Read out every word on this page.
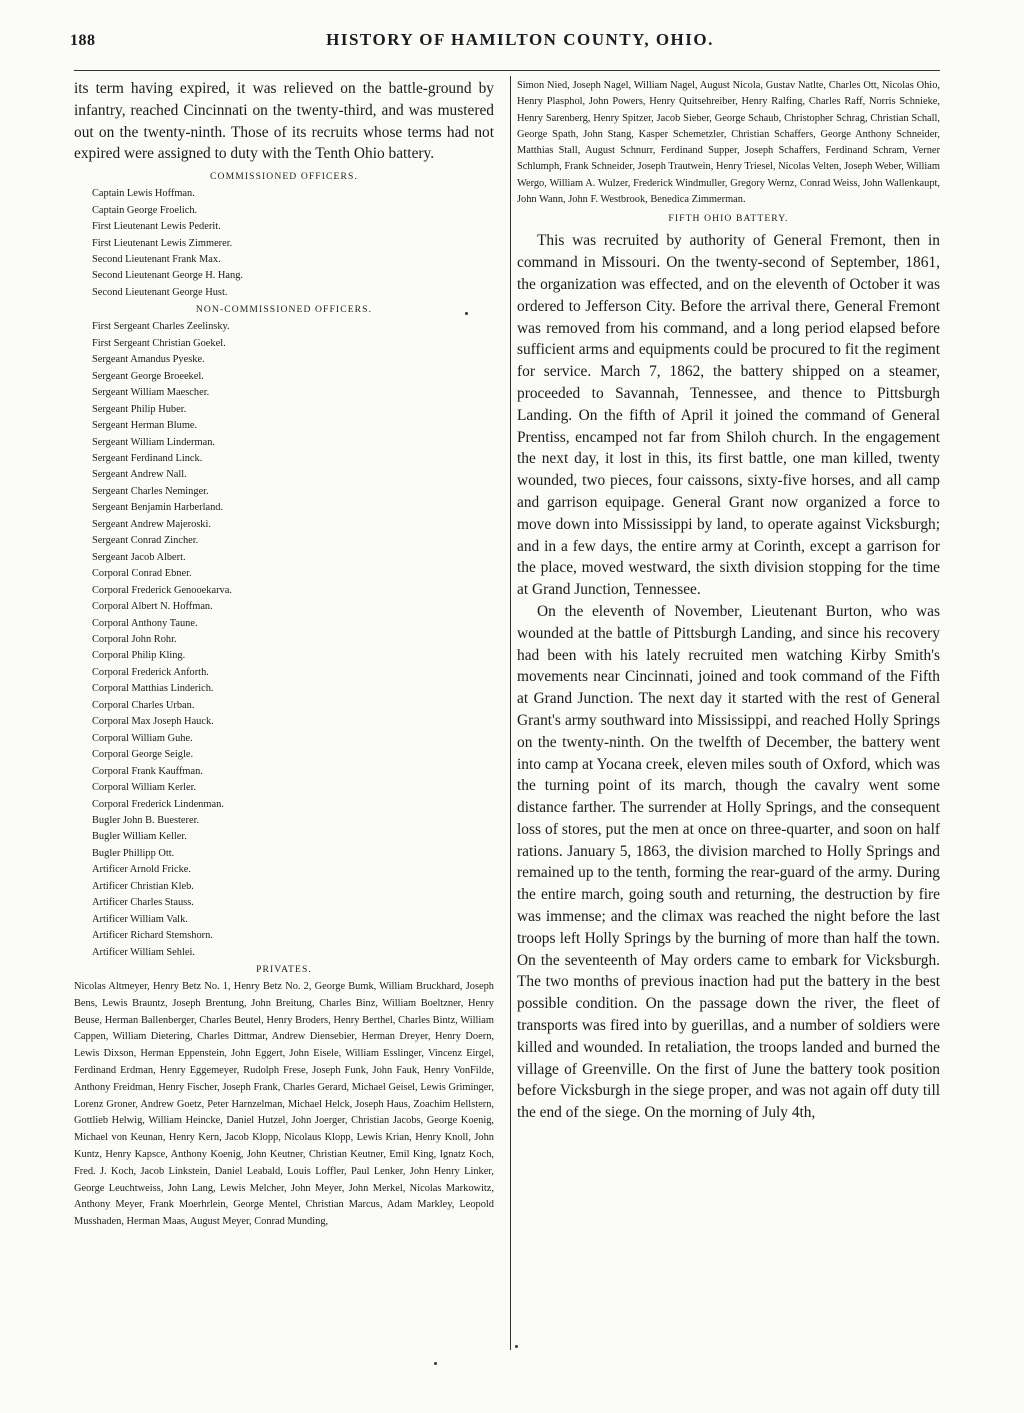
188	HISTORY OF HAMILTON COUNTY, OHIO.

its term having expired, it was relieved on the battle-ground by infantry, reached Cincinnati on the twenty-third, and was mustered out on the twenty-ninth. Those of its recruits whose terms had not expired were assigned to duty with the Tenth Ohio battery.

COMMISSIONED OFFICERS.
Captain Lewis Hoffman.
Captain George Froelich.
First Lieutenant Lewis Pederit.
First Lieutenant Lewis Zimmerer.
Second Lieutenant Frank Max.
Second Lieutenant George H. Hang.
Second Lieutenant George Hust.
NON-COMMISSIONED OFFICERS.
First Sergeant Charles Zeelinsky.
First Sergeant Christian Goekel.
Sergeant Amandus Pyeske.
Sergeant George Broeekel.
Sergeant William Maescher.
Sergeant Philip Huber.
Sergeant Herman Blume.
Sergeant William Linderman.
Sergeant Ferdinand Linck.
Sergeant Andrew Nall.
Sergeant Charles Neminger.
Sergeant Benjamin Harberland.
Sergeant Andrew Majeroski.
Sergeant Conrad Zincher.
Sergeant Jacob Albert.
Corporal Conrad Ebner.
Corporal Frederick Genooekarva.
Corporal Albert N. Hoffman.
Corporal Anthony Taune.
Corporal John Rohr.
Corporal Philip Kling.
Corporal Frederick Anforth.
Corporal Matthias Linderich.
Corporal Charles Urban.
Corporal Max Joseph Hauck.
Corporal William Guhe.
Corporal George Seigle.
Corporal Frank Kauffman.
Corporal William Kerler.
Corporal Frederick Lindenman.
Bugler John B. Buesterer.
Bugler William Keller.
Bugler Phillipp Ott.
Artificer Arnold Fricke.
Artificer Christian Kleb.
Artificer Charles Stauss.
Artificer William Valk.
Artificer Richard Stemshorn.
Artificer William Sehlei.
PRIVATES.

Nicolas Altmeyer, Henry Betz No. 1, Henry Betz No. 2, George Bumk, William Bruckhard, Joseph Bens, Lewis Brauntz, Joseph Brentung, John Breitung, Charles Binz, William Boeltzner, Henry Beuse, Herman Ballenberger, Charles Beutel, Henry Broders, Henry Berthel, Charles Bintz, William Cappen, William Dietering, Charles Dittmar, Andrew Diensebier, Herman Dreyer, Henry Doern, Lewis Dixson, Herman Eppenstein, John Eggert, John Eisele, William Esslinger, Vincenz Eirgel, Ferdinand Erdman, Henry Eggemeyer, Rudolph Frese, Joseph Funk, John Fauk, Henry VonFilde, Anthony Freidman, Henry Fischer, Joseph Frank, Charles Gerard, Michael Geisel, Lewis Griminger, Lorenz Groner, Andrew Goetz, Peter Harnzelman, Michael Helck, Joseph Haus, Zoachim Hellstern, Gottlieb Helwig, William Heincke, Daniel Hutzel, John Joerger, Christian Jacobs, George Koenig, Michael von Keunan, Henry Kern, Jacob Klopp, Nicolaus Klopp, Lewis Krian, Henry Knoll, John Kuntz, Henry Kapsce, Anthony Koenig, John Keutner, Christian Keutner, Emil King, Ignatz Koch, Fred. J. Koch, Jacob Linkstein, Daniel Leabald, Louis Loffler, Paul Lenker, John Henry Linker, George Leuchtweiss, John Lang, Lewis Melcher, John Meyer, John Merkel, Nicolas Markowitz, Anthony Meyer, Frank Moerhrlein, George Mentel, Christian Marcus, Adam Markley, Leopold Musshaden, Herman Maas, August Meyer, Conrad Munding,

Simon Nied, Joseph Nagel, William Nagel, August Nicola, Gustav Natlte, Charles Ott, Nicolas Ohio, Henry Plasphol, John Powers, Henry Quitsehreiber, Henry Ralfing, Charles Raff, Norris Schnieke, Henry Sarenberg, Henry Spitzer, Jacob Sieber, George Schaub, Christopher Schrag, Christian Schall, George Spath, John Stang, Kasper Schemetzler, Christian Schaffers, George Anthony Schneider, Matthias Stall, August Schnurr, Ferdinand Supper, Joseph Schaffers, Ferdinand Schram, Verner Schlumph, Frank Schneider, Joseph Trautwein, Henry Triesel, Nicolas Velten, Joseph Weber, William Wergo, William A. Wulzer, Frederick Windmuller, Gregory Wernz, Conrad Weiss, John Wallenkaupt, John Wann, John F. Westbrook, Benedica Zimmerman.

FIFTH OHIO BATTERY.

This was recruited by authority of General Fremont, then in command in Missouri. On the twenty-second of September, 1861, the organization was effected, and on the eleventh of October it was ordered to Jefferson City. Before the arrival there, General Fremont was removed from his command, and a long period elapsed before sufficient arms and equipments could be procured to fit the regiment for service. March 7, 1862, the battery shipped on a steamer, proceeded to Savannah, Tennessee, and thence to Pittsburgh Landing. On the fifth of April it joined the command of General Prentiss, encamped not far from Shiloh church. In the engagement the next day, it lost in this, its first battle, one man killed, twenty wounded, two pieces, four caissons, sixty-five horses, and all camp and garrison equipage. General Grant now organized a force to move down into Mississippi by land, to operate against Vicksburgh; and in a few days, the entire army at Corinth, except a garrison for the place, moved westward, the sixth division stopping for the time at Grand Junction, Tennessee.

On the eleventh of November, Lieutenant Burton, who was wounded at the battle of Pittsburgh Landing, and since his recovery had been with his lately recruited men watching Kirby Smith's movements near Cincinnati, joined and took command of the Fifth at Grand Junction. The next day it started with the rest of General Grant's army southward into Mississippi, and reached Holly Springs on the twenty-ninth. On the twelfth of December, the battery went into camp at Yocana creek, eleven miles south of Oxford, which was the turning point of its march, though the cavalry went some distance farther. The surrender at Holly Springs, and the consequent loss of stores, put the men at once on three-quarter, and soon on half rations. January 5, 1863, the division marched to Holly Springs and remained up to the tenth, forming the rear-guard of the army. During the entire march, going south and returning, the destruction by fire was immense; and the climax was reached the night before the last troops left Holly Springs by the burning of more than half the town. On the seventeenth of May orders came to embark for Vicksburgh. The two months of previous inaction had put the battery in the best possible condition. On the passage down the river, the fleet of transports was fired into by guerillas, and a number of soldiers were killed and wounded. In retaliation, the troops landed and burned the village of Greenville. On the first of June the battery took position before Vicksburgh in the siege proper, and was not again off duty till the end of the siege. On the morning of July 4th,
